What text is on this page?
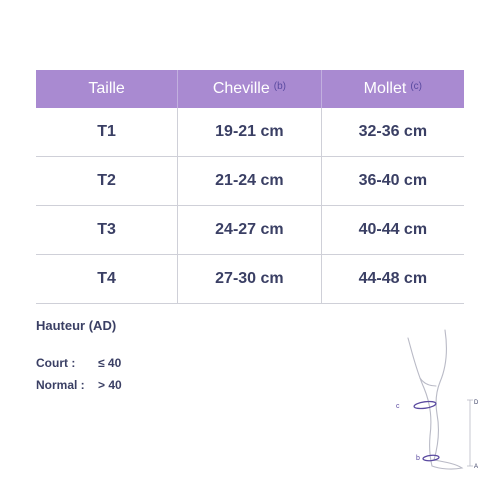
Taille	Cheville $^{(b)}$	Mollet $^{(c)}$
T1	19-21 cm	32-36 cm
T2	21-24 cm	36-40 cm
T3	24-27 cm	40-44 cm
T4	27-30 cm	44-48 cm
Hauteur (AD)
Court : ≤ 40
Normal : > 40
c
b
D
A
